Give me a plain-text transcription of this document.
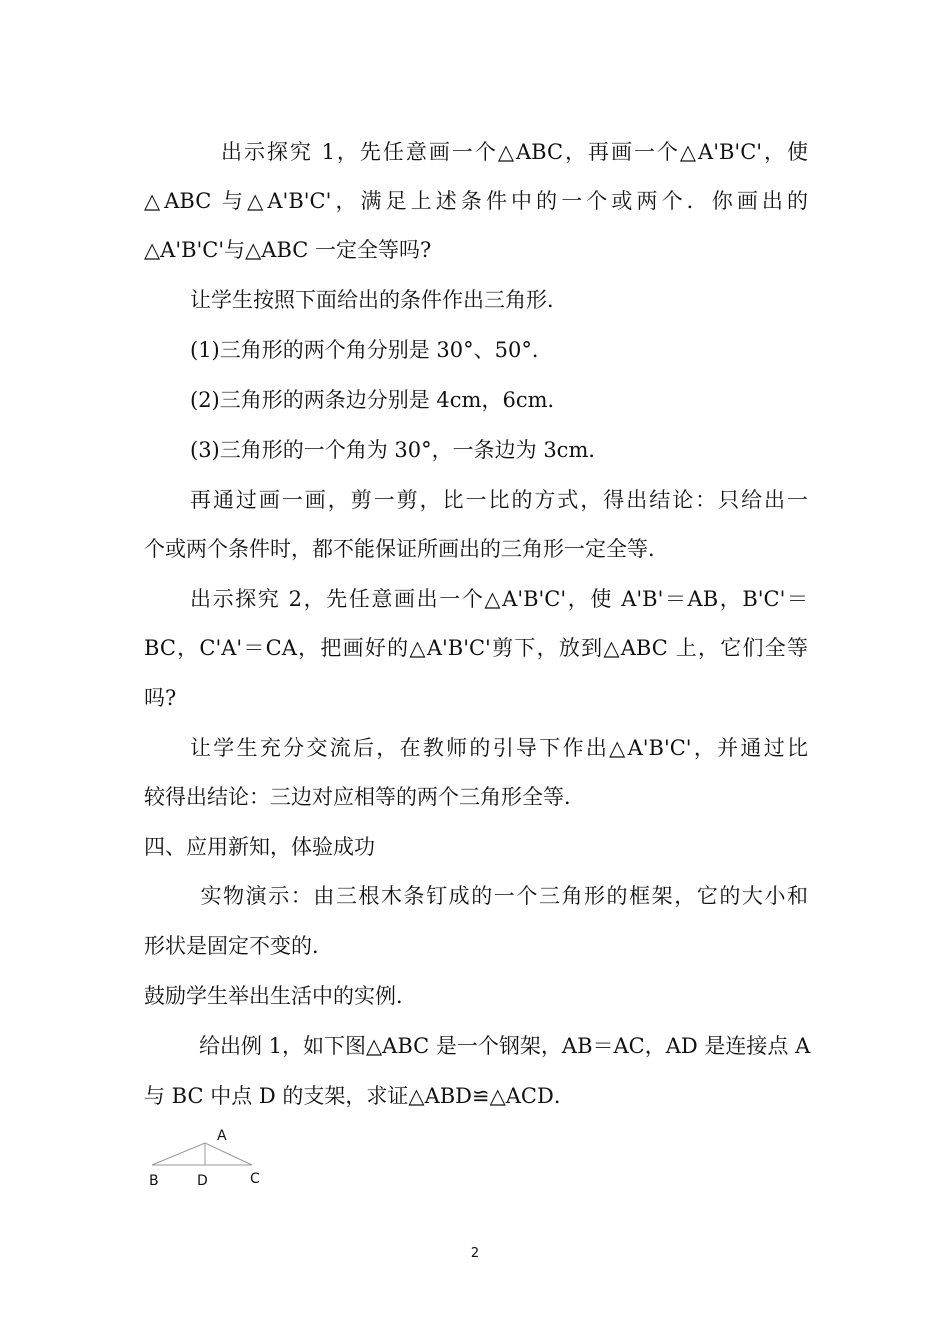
　出示探究 1，先任意画一个△ABC，再画一个△A'B'C'，使
△ABC 与△A'B'C'，满足上述条件中的一个或两个．你画出的
△A'B'C'与△ABC 一定全等吗?
让学生按照下面给出的条件作出三角形．
(1)三角形的两个角分别是 30°、50°．
(2)三角形的两条边分别是 4cm，6cm．
(3)三角形的一个角为 30°，一条边为 3cm．
再通过画一画，剪一剪，比一比的方式，得出结论：只给出一
个或两个条件时，都不能保证所画出的三角形一定全等．
出示探究 2，先任意画出一个△A'B'C'，使 A'B'＝AB，B'C'＝
BC，C'A'＝CA，把画好的△A'B'C'剪下，放到△ABC 上，它们全等
吗?
让学生充分交流后，在教师的引导下作出△A'B'C'，并通过比
较得出结论：三边对应相等的两个三角形全等．
四、应用新知，体验成功
　实物演示：由三根木条钉成的一个三角形的框架，它的大小和
形状是固定不变的．
鼓励学生举出生活中的实例．
　给出例 1，如下图△ABC 是一个钢架，AB＝AC，AD 是连接点 A
与 BC 中点 D 的支架，求证△ABD≌△ACD．
A
B	C
D
2
